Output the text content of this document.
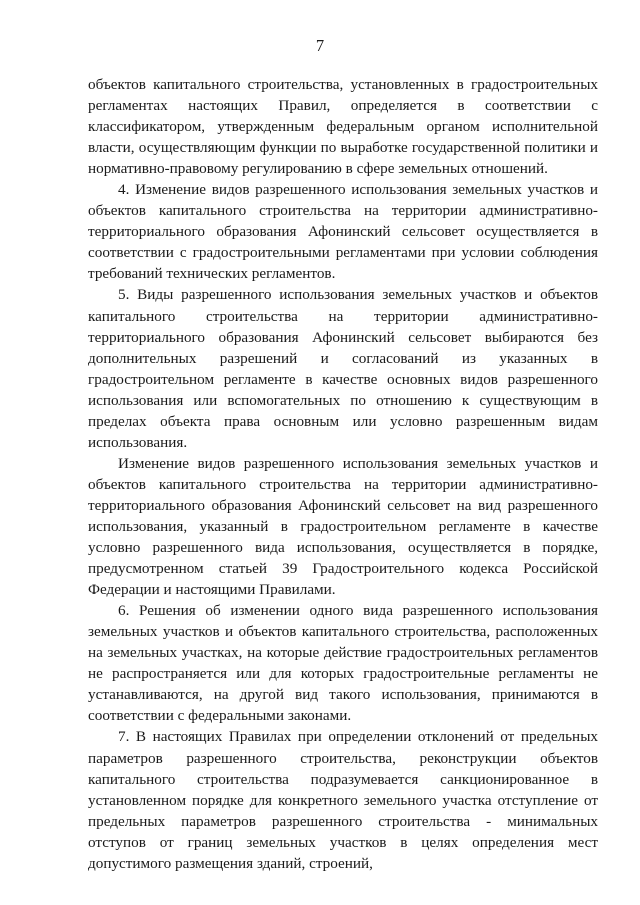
7

объектов капитального строительства, установленных в градостроительных регламентах настоящих Правил, определяется в соответствии с классификатором, утвержденным федеральным органом исполнительной власти, осуществляющим функции по выработке государственной политики и нормативно-правовому регулированию в сфере земельных отношений.

4. Изменение видов разрешенного использования земельных участков и объектов капитального строительства на территории административно-территориального образования Афонинский сельсовет осуществляется в соответствии с градостроительными регламентами при условии соблюдения требований технических регламентов.

5. Виды разрешенного использования земельных участков и объектов капитального строительства на территории административно-территориального образования Афонинский сельсовет выбираются без дополнительных разрешений и согласований из указанных в градостроительном регламенте в качестве основных видов разрешенного использования или вспомогательных по отношению к существующим в пределах объекта права основным или условно разрешенным видам использования.

Изменение видов разрешенного использования земельных участков и объектов капитального строительства на территории административно-территориального образования Афонинский сельсовет на вид разрешенного использования, указанный в градостроительном регламенте в качестве условно разрешенного вида использования, осуществляется в порядке, предусмотренном статьей 39 Градостроительного кодекса Российской Федерации и настоящими Правилами.

6. Решения об изменении одного вида разрешенного использования земельных участков и объектов капитального строительства, расположенных на земельных участках, на которые действие градостроительных регламентов не распространяется или для которых градостроительные регламенты не устанавливаются, на другой вид такого использования, принимаются в соответствии с федеральными законами.

7. В настоящих Правилах при определении отклонений от предельных параметров разрешенного строительства, реконструкции объектов капитального строительства подразумевается санкционированное в установленном порядке для конкретного земельного участка отступление от предельных параметров разрешенного строительства - минимальных отступов от границ земельных участков в целях определения мест допустимого размещения зданий, строений,
